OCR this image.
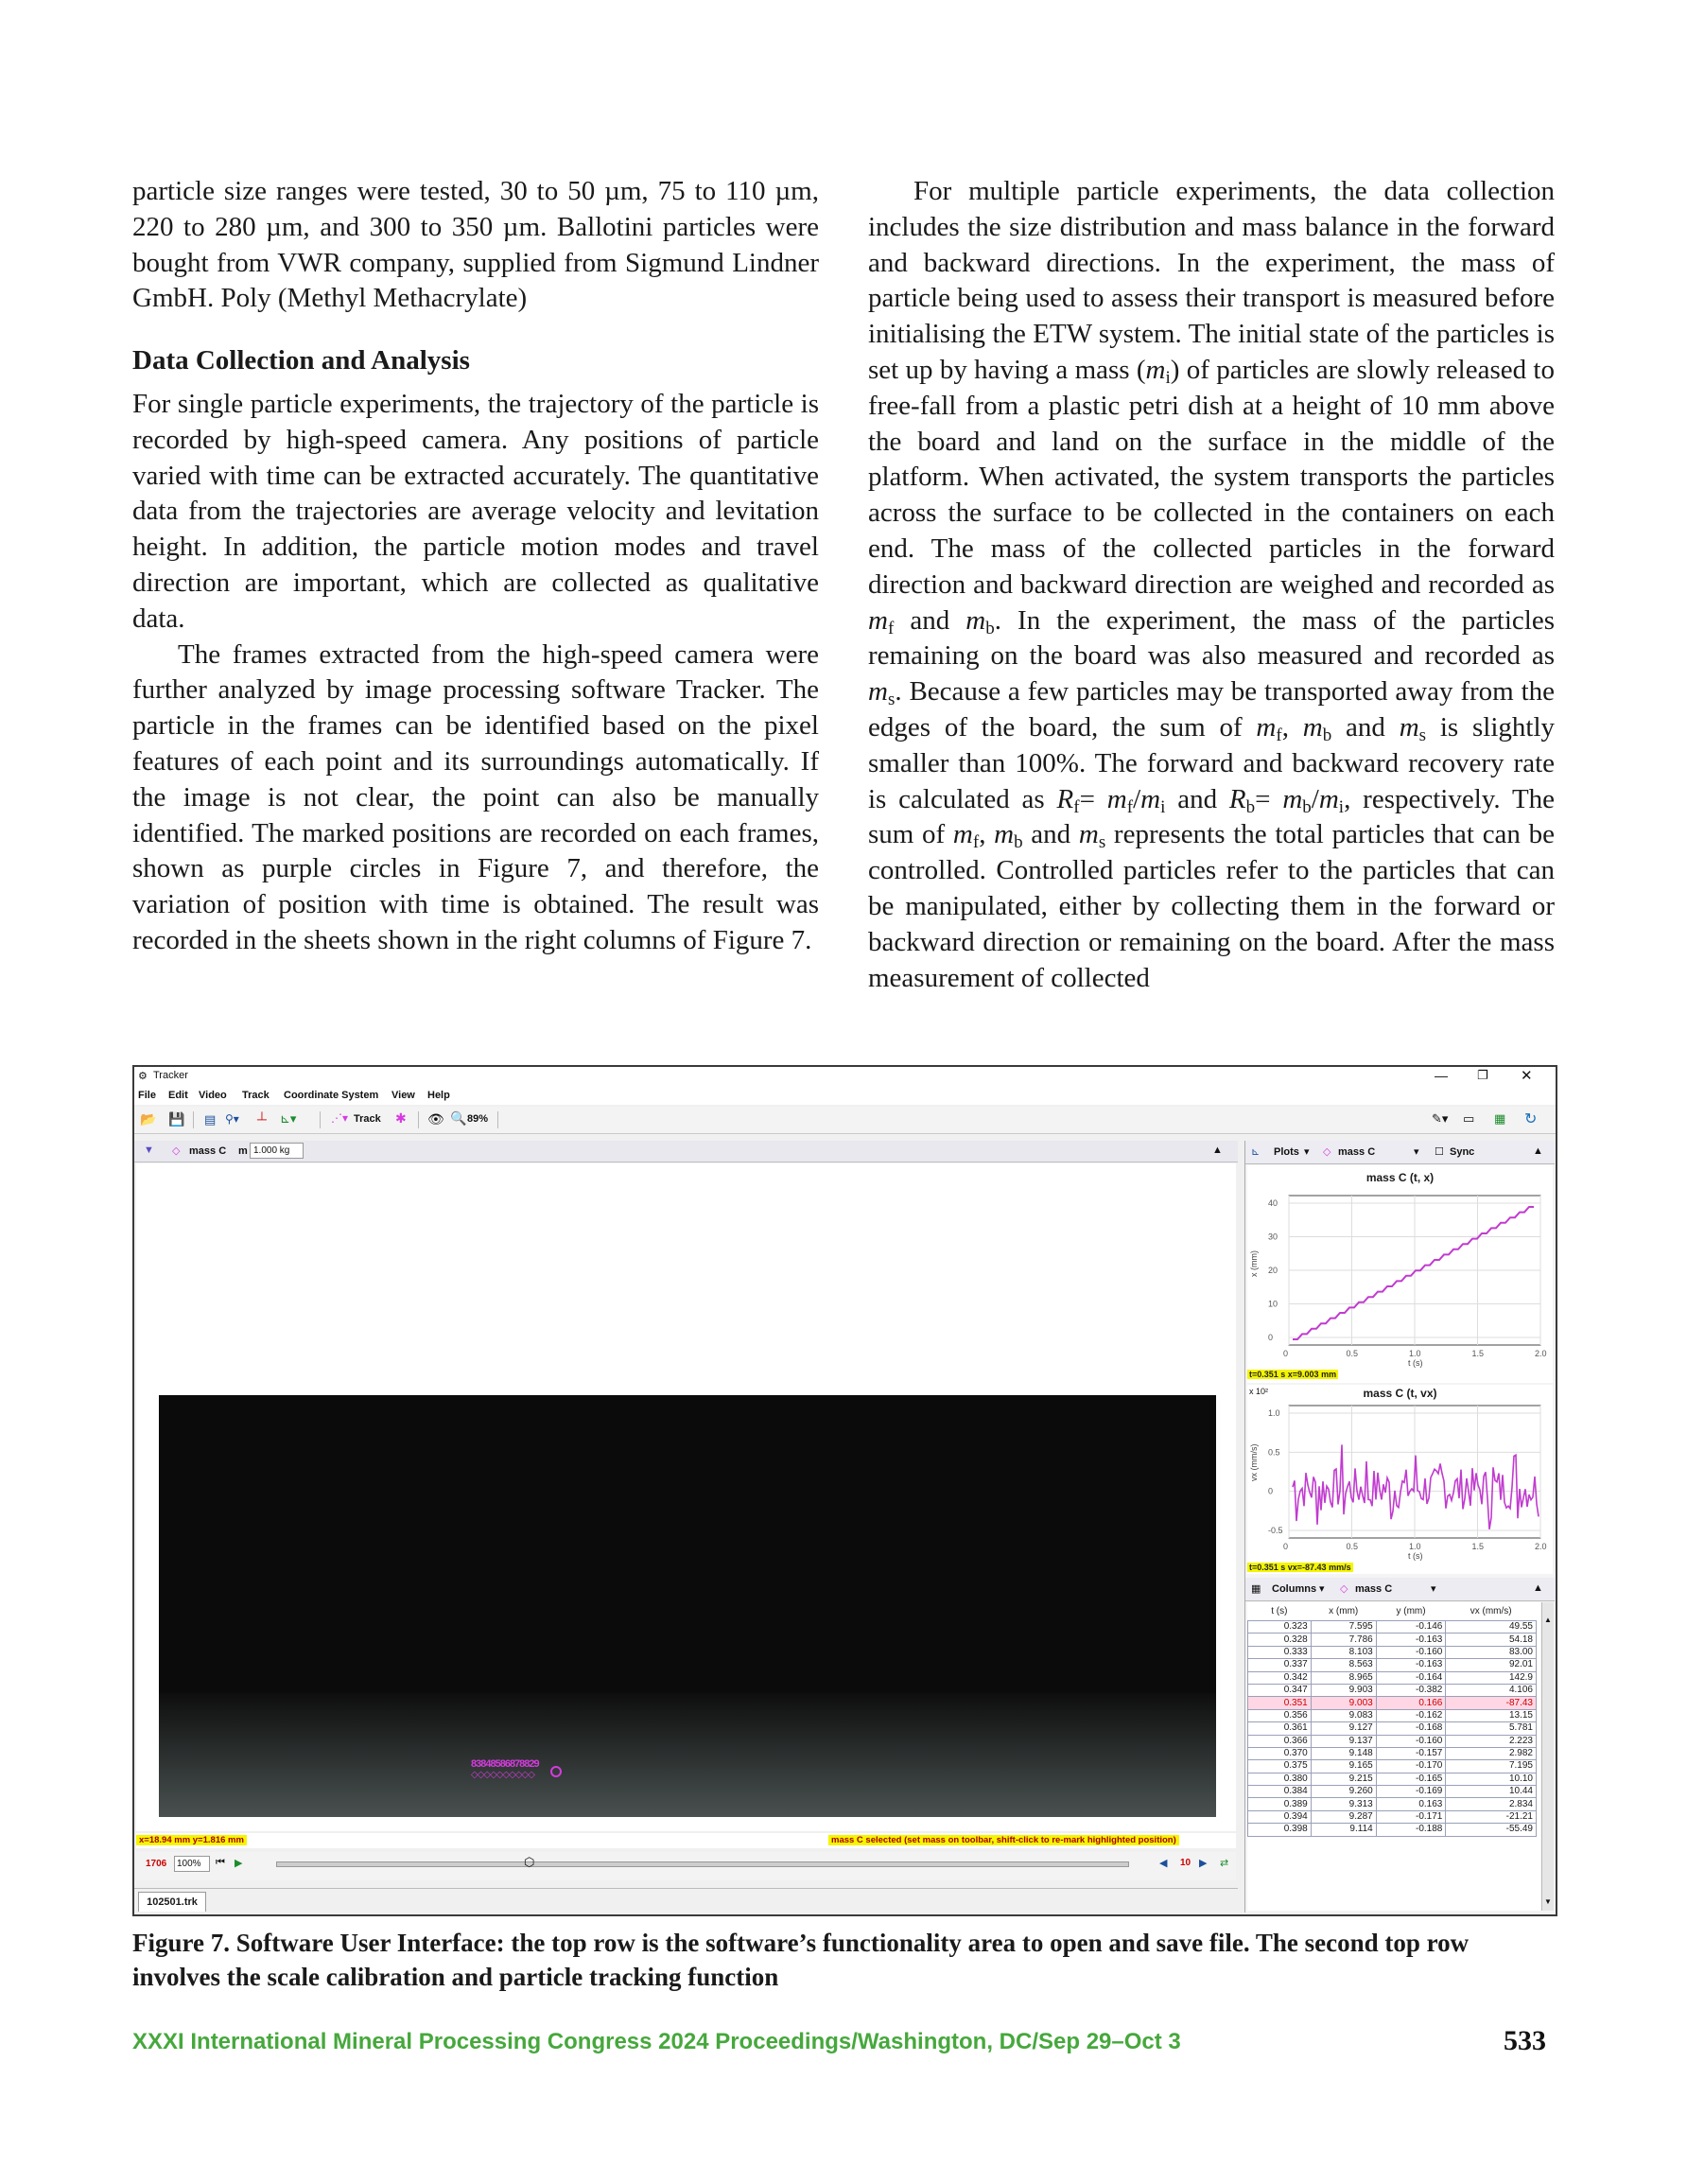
particle size ranges were tested, 30 to 50 µm, 75 to 110 µm, 220 to 280 µm, and 300 to 350 µm. Ballotini particles were bought from VWR company, supplied from Sigmund Lindner GmbH. Poly (Methyl Methacrylate)

Data Collection and Analysis

For single particle experiments, the trajectory of the particle is recorded by high-speed camera. Any positions of particle varied with time can be extracted accurately. The quantitative data from the trajectories are average velocity and levitation height. In addition, the particle motion modes and travel direction are important, which are collected as qualitative data.

The frames extracted from the high-speed camera were further analyzed by image processing software Tracker. The particle in the frames can be identified based on the pixel features of each point and its surroundings automatically. If the image is not clear, the point can also be manually identified. The marked positions are recorded on each frames, shown as purple circles in Figure 7, and therefore, the variation of position with time is obtained. The result was recorded in the sheets shown in the right columns of Figure 7.

For multiple particle experiments, the data collection includes the size distribution and mass balance in the forward and backward directions. In the experiment, the mass of particle being used to assess their transport is measured before initialising the ETW system. The initial state of the particles is set up by having a mass $(m_i)$ of particles are slowly released to free-fall from a plastic petri dish at a height of 10 mm above the board and land on the surface in the middle of the platform. When activated, the system transports the particles across the surface to be collected in the containers on each end. The mass of the collected particles in the forward direction and backward direction are weighed and recorded as $m_f$ and $m_b$. In the experiment, the mass of the particles remaining on the board was also measured and recorded as $m_s$. Because a few particles may be transported away from the edges of the board, the sum of $m_f$, $m_b$ and $m_s$ is slightly smaller than 100%. The forward and backward recovery rate is calculated as $R_f= m_f/m_i$ and $R_b= m_b/m_i$, respectively. The sum of $m_f$, $m_b$ and $m_s$ represents the total particles that can be controlled. Controlled particles refer to the particles that can be manipulated, either by collecting them in the forward or backward direction or remaining on the board. After the mass measurement of collected

⚙ Tracker	— ❐ ✕
File Edit Video Track Coordinate System View Help
📂 💾 ▤ ⚲▾ ┴ ⊾▾	⋰▾ Track ✱ 👁 🔍 89%	✎▾ ▭ ▦ ↻
▼ ◇ mass C m 1.000 kg	▲
83848586878829
◇◇◇◇◇◇◇◇◇◇
x=18.94 mm y=1.816 mm	mass C selected (set mass on toolbar, shift-click to re-mark highlighted position)
1706	100%	⏮ ▶	⬡	◀ 10 ▶ ⇄
102501.trk
⊾ Plots ▾ ◇ mass C	▾ ☐ Sync	▲
mass C (t, x)
0	0.5	1.0	1.5	2.0
40
30
20
10
0
x (mm)
t (s)
t=0.351 s x=9.003 mm
x 10²	mass C (t, vx)
0	0.5	1.0	1.5	2.0
1.0
0.5
0
-0.5
vx (mm/s)
t (s)
t=0.351 s vx=-87.43 mm/s
▦ Columns ▾ ◇ mass C	▾	▲
t (s)	x (mm)	y (mm)	vx (mm/s)
0.323	7.595	-0.146	49.55
0.328	7.786	-0.163	54.18
0.333	8.103	-0.160	83.00
0.337	8.563	-0.163	92.01
0.342	8.965	-0.164	142.9
0.347	9.903	-0.382	4.106
0.351	9.003	0.166	-87.43
0.356	9.083	-0.162	13.15
0.361	9.127	-0.168	5.781
0.366	9.137	-0.160	2.223
0.370	9.148	-0.157	2.982
0.375	9.165	-0.170	7.195
0.380	9.215	-0.165	10.10
0.384	9.260	-0.169	10.44
0.389	9.313	0.163	2.834
0.394	9.287	-0.171	-21.21
0.398	9.114	-0.188	-55.49
▲
▼
Figure 7. Software User Interface: the top row is the software’s functionality area to open and save file. The second top row involves the scale calibration and particle tracking function
XXXI International Mineral Processing Congress 2024 Proceedings/Washington, DC/Sep 29–Oct 3	533
